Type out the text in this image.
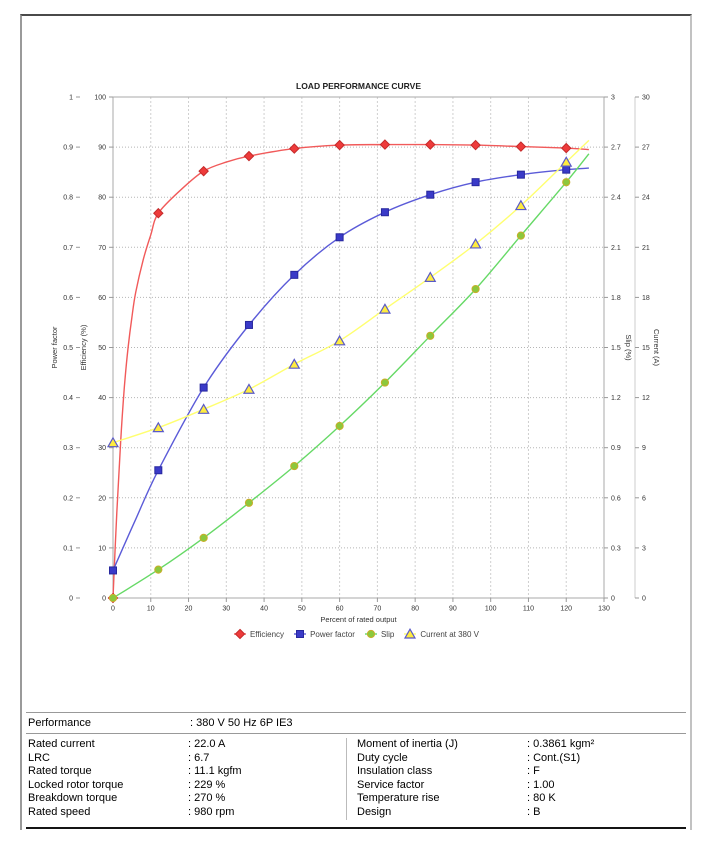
LOAD PERFORMANCE CURVE
0
0.1
0.2
0.3
0.4
0.5
0.6
0.7
0.8
0.9
1
0
10
20
30
40
50
60
70
80
90
100
0
0.3
0.6
0.9
1.2
1.5
1.8
2.1
2.4
2.7
3
0
3
6
9
12
15
18
21
24
27
30
0	10	20	30	40	50	60	70	80	90	100	110	120	130
Power factor	Efficiency (%)	Slip (%)	Current (A)
Percent of rated output
Efficiency	Power factor	Slip	Current at 380 V
Performance	: 380 V 50 Hz 6P IE3
Rated current	: 22.0 A
LRC	: 6.7
Rated torque	: 11.1 kgfm
Locked rotor torque	: 229 %
Breakdown torque	: 270 %
Rated speed	: 980 rpm
Moment of inertia (J)	: 0.3861 kgm²
Duty cycle	: Cont.(S1)
Insulation class	: F
Service factor	: 1.00
Temperature rise	: 80 K
Design	: B
